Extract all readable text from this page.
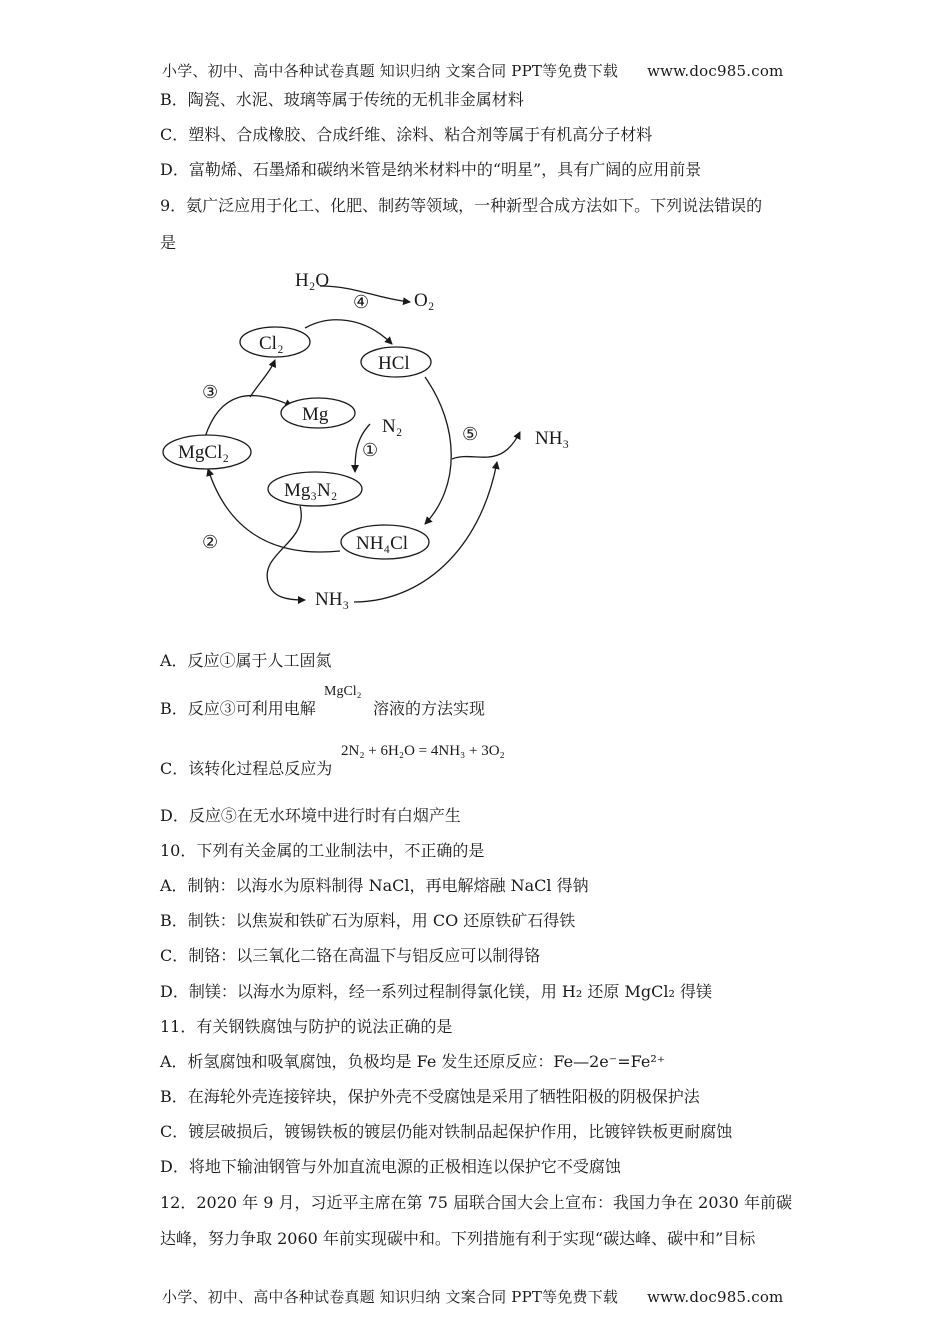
小学、初中、高中各种试卷真题 知识归纳 文案合同 PPT等免费下载 www.doc985.com
B．陶瓷、水泥、玻璃等属于传统的无机非金属材料
C．塑料、合成橡胶、合成纤维、涂料、粘合剂等属于有机高分子材料
D．富勒烯、石墨烯和碳纳米管是纳米材料中的“明星”，具有广阔的应用前景
9．氨广泛应用于化工、化肥、制药等领域，一种新型合成方法如下。下列说法错误的
是
H₂O
O₂
Cl₂
HCl
Mg
N₂
MgCl₂
Mg₃N₂
NH₄Cl
NH₃
NH₃
①
②
③
④
⑤
A．反应①属于人工固氮
B．反应③可利用电解
MgCl₂
溶液的方法实现
C．该转化过程总反应为
2N₂ + 6H₂O = 4NH₃ + 3O₂
D．反应⑤在无水环境中进行时有白烟产生
10．下列有关金属的工业制法中，不正确的是
A．制钠：以海水为原料制得 NaCl，再电解熔融 NaCl 得钠
B．制铁：以焦炭和铁矿石为原料，用 CO 还原铁矿石得铁
C．制铬：以三氧化二铬在高温下与铝反应可以制得铬
D．制镁：以海水为原料，经一系列过程制得氯化镁，用 H₂ 还原 MgCl₂ 得镁
11．有关钢铁腐蚀与防护的说法正确的是
A．析氢腐蚀和吸氧腐蚀，负极均是 Fe 发生还原反应：Fe—2e⁻=Fe²⁺
B．在海轮外壳连接锌块，保护外壳不受腐蚀是采用了牺牲阳极的阴极保护法
C．镀层破损后，镀锡铁板的镀层仍能对铁制品起保护作用，比镀锌铁板更耐腐蚀
D．将地下输油钢管与外加直流电源的正极相连以保护它不受腐蚀
12．2020 年 9 月，习近平主席在第 75 届联合国大会上宣布：我国力争在 2030 年前碳
达峰，努力争取 2060 年前实现碳中和。下列措施有利于实现“碳达峰、碳中和”目标
小学、初中、高中各种试卷真题 知识归纳 文案合同 PPT等免费下载 www.doc985.com
